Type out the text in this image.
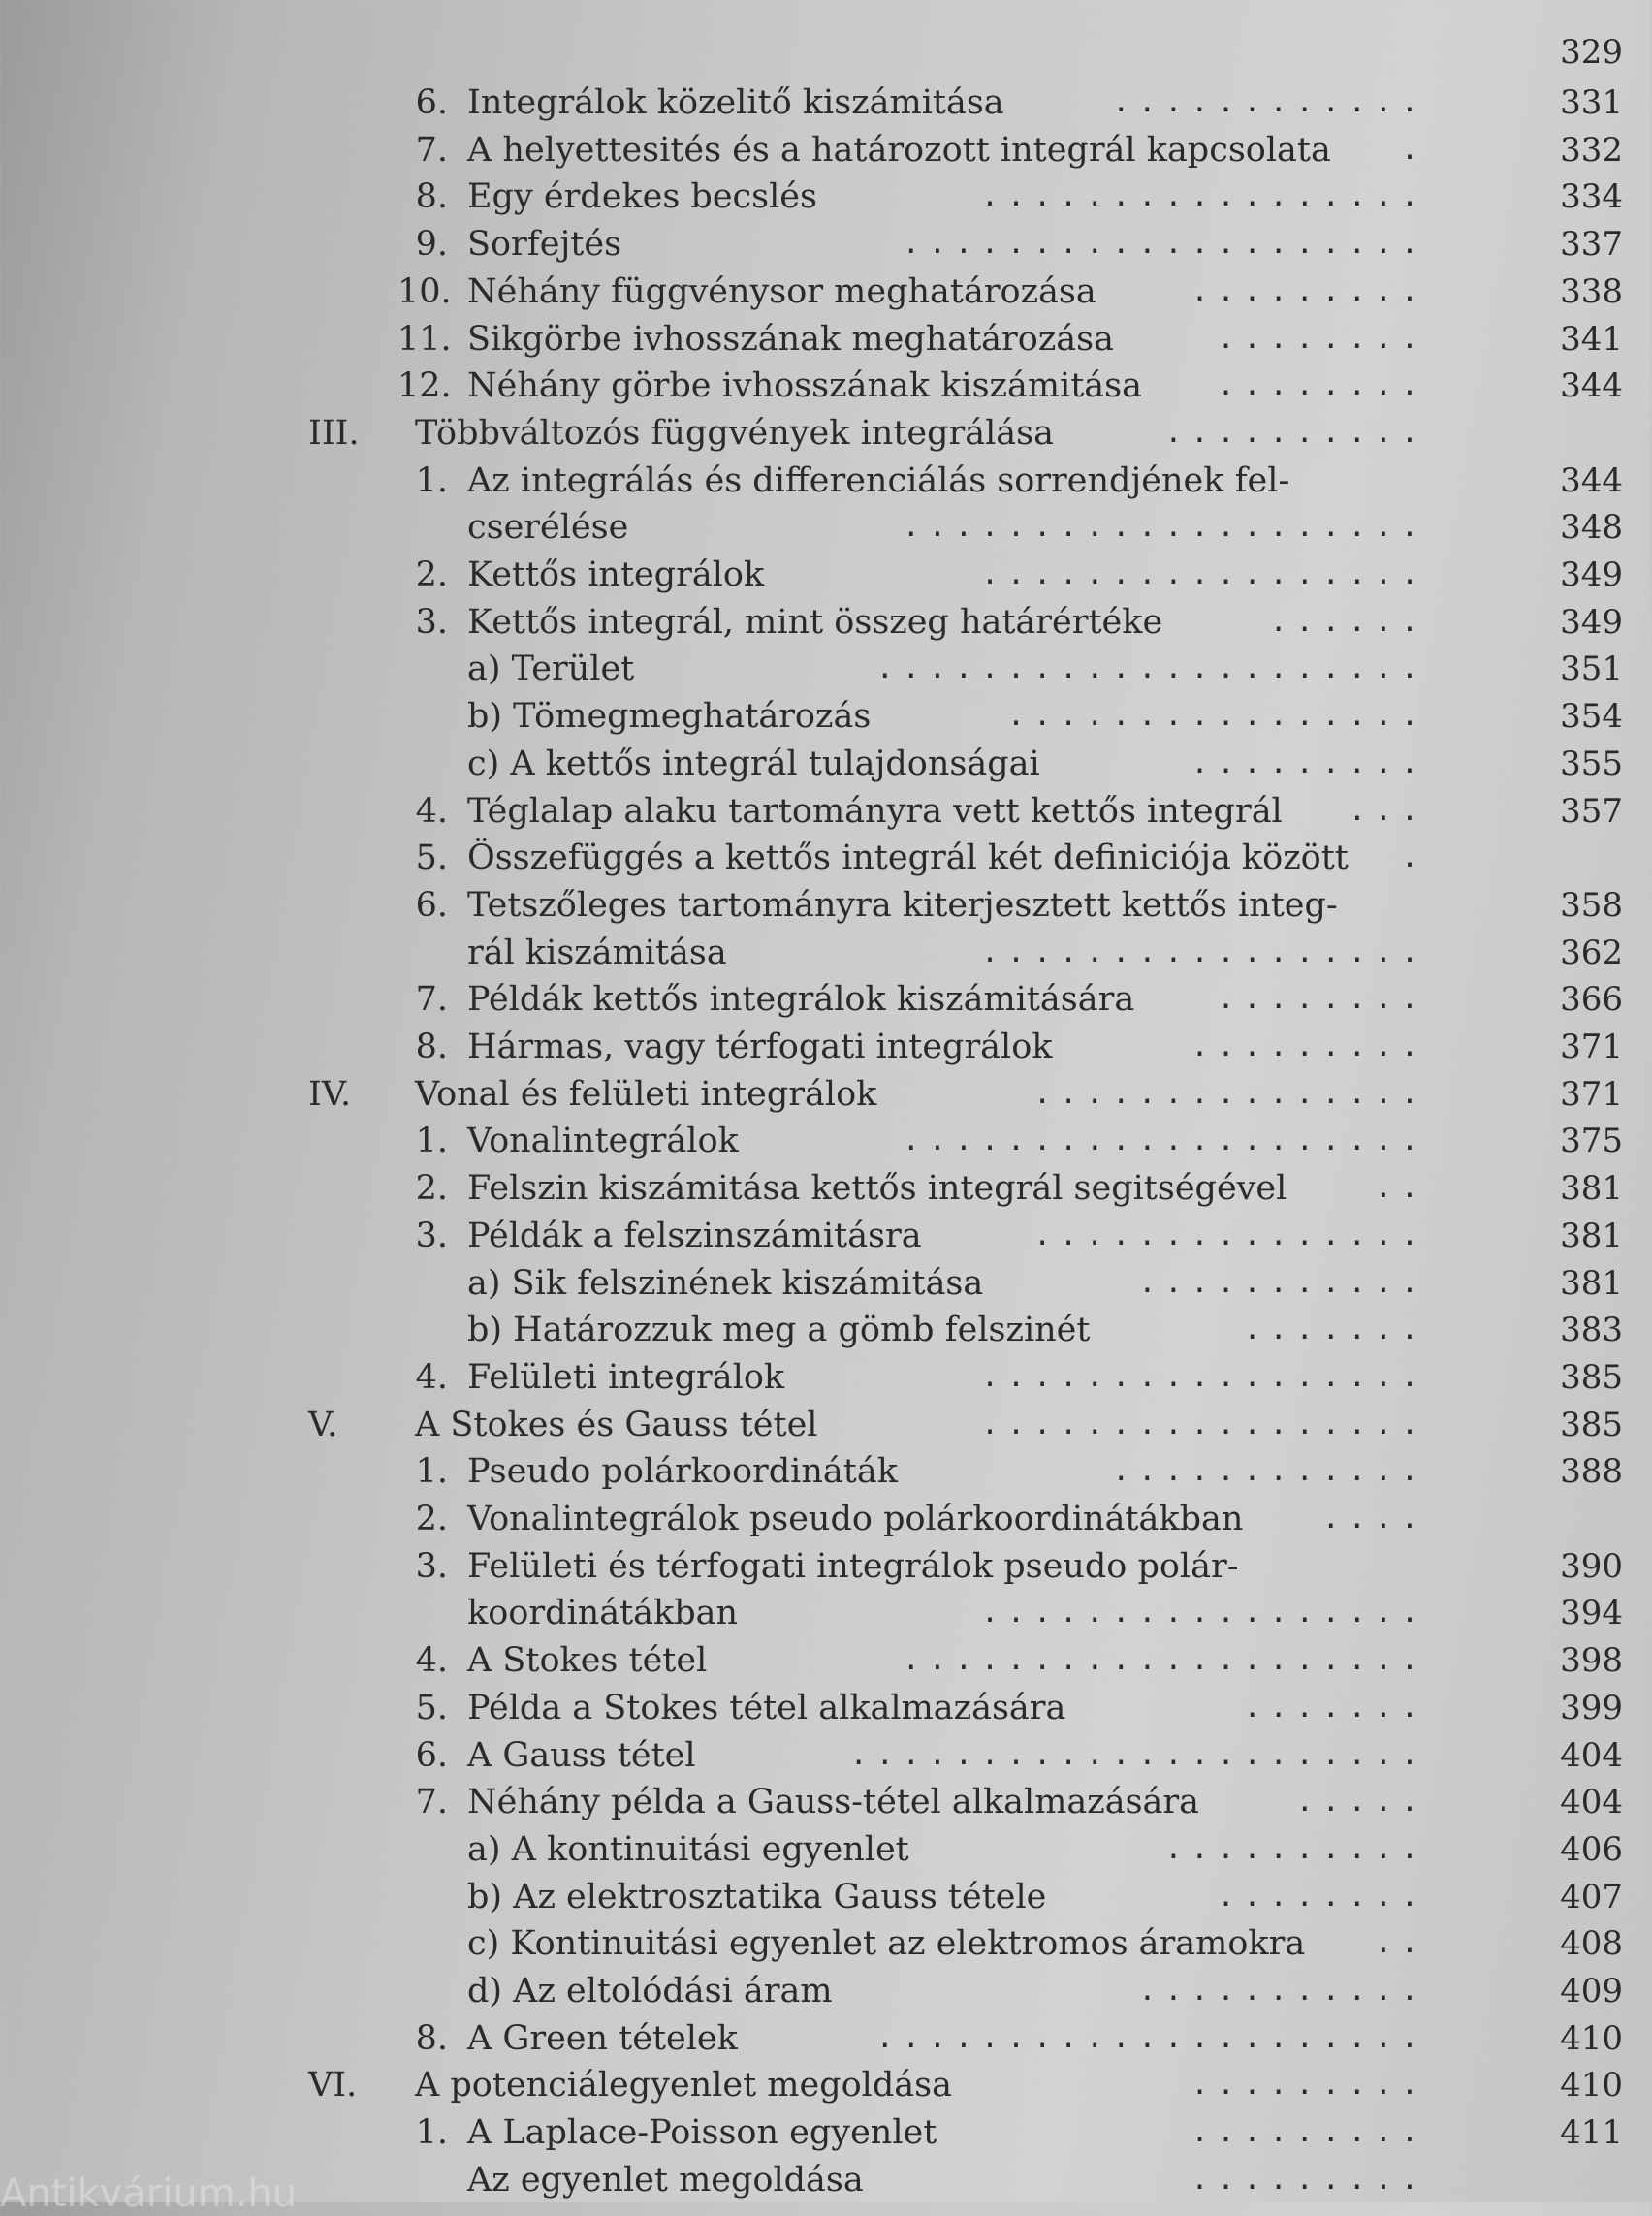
329
6. Integrálok közelitő kiszámitása	............	331
7. A helyettesités és a határozott integrál kapcsolata .	332
8. Egy érdekes becslés	.................	334
9. Sorfejtés	....................	337
10. Néhány függvénysor meghatározása	.........	338
11. Sikgörbe ivhosszának meghatározása	........	341
12. Néhány görbe ivhosszának kiszámitása	........	344
III. Többváltozós függvények integrálása	..........
1. Az integrálás és differenciálás sorrendjének fel-	344
cserélése	....................	348
2. Kettős integrálok	.................	349
3. Kettős integrál, mint összeg határértéke	......	349
a) Terület	.....................	351
b) Tömegmeghatározás	................	354
c) A kettős integrál tulajdonságai	.........	355
4. Téglalap alaku tartományra vett kettős integrál ...	357
5. Összefüggés a kettős integrál két definiciója között .
6. Tetszőleges tartományra kiterjesztett kettős integ-	358
rál kiszámitása	.................	362
7. Példák kettős integrálok kiszámitására	........	366
8. Hármas, vagy térfogati integrálok	.........	371
IV. Vonal és felületi integrálok	...............	371
1. Vonalintegrálok	....................	375
2. Felszin kiszámitása kettős integrál segitségével	..	381
3. Példák a felszinszámitásra	...............	381
a) Sik felszinének kiszámitása	...........	381
b) Határozzuk meg a gömb felszinét	.......	383
4. Felületi integrálok	.................	385
V. A Stokes és Gauss tétel	.................	385
1. Pseudo polárkoordináták	............	388
2. Vonalintegrálok pseudo polárkoordinátákban	....
3. Felületi és térfogati integrálok pseudo polár-	390
koordinátákban	.................	394
4. A Stokes tétel	....................	398
5. Példa a Stokes tétel alkalmazására	.......	399
6. A Gauss tétel	......................	404
7. Néhány példa a Gauss-tétel alkalmazására	.....	404
a) A kontinuitási egyenlet	..........	406
b) Az elektrosztatika Gauss tétele	........	407
c) Kontinuitási egyenlet az elektromos áramokra ..	408
d) Az eltolódási áram	...........	409
8. A Green tételek	.....................	410
VI. A potenciálegyenlet megoldása	.........	410
1. A Laplace-Poisson egyenlet	.........	411
Az egyenlet megoldása	.........
Antikvárium.hu
